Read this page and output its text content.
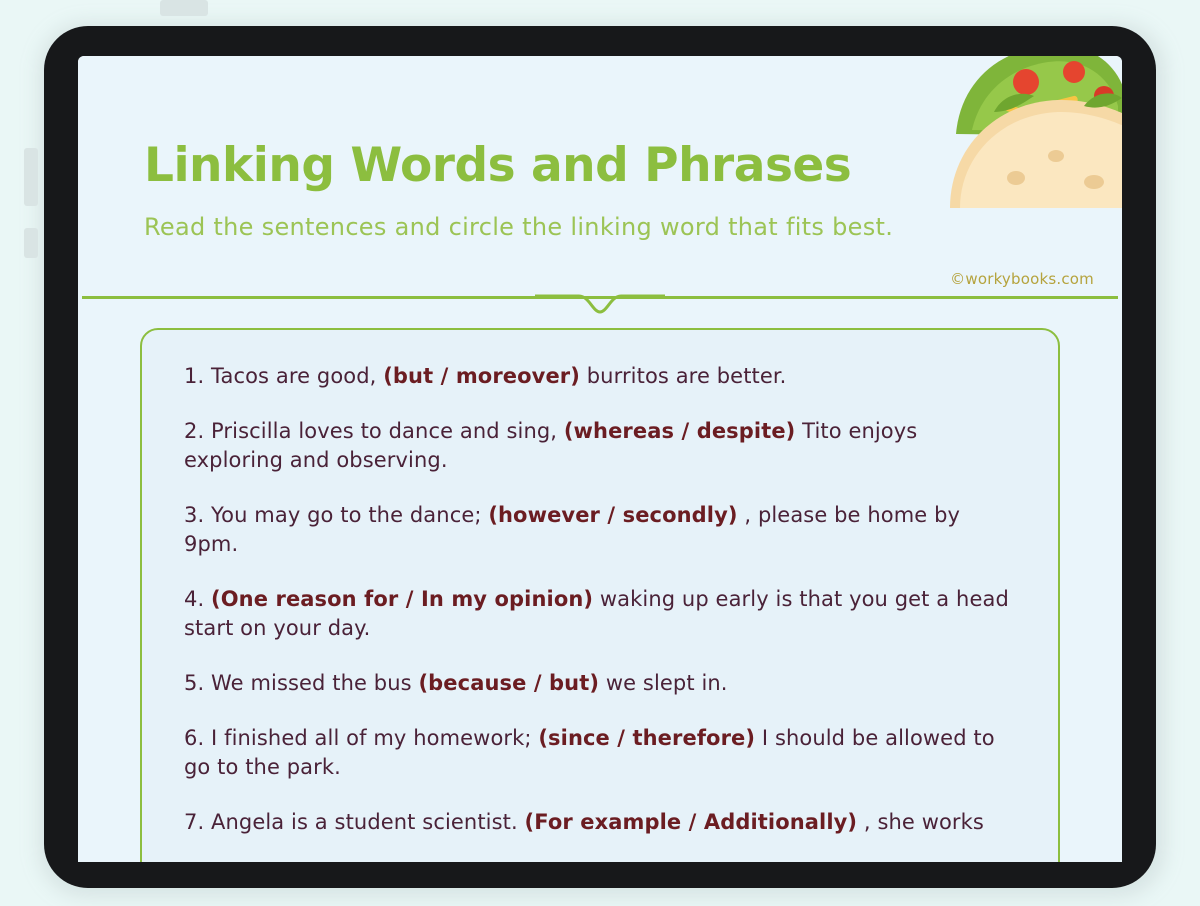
Linking Words and Phrases
Read the sentences and circle the linking word that fits best.
©workybooks.com
1. Tacos are good, (but / moreover) burritos are better.
2. Priscilla loves to dance and sing, (whereas / despite) Tito enjoys exploring and observing.
3. You may go to the dance; (however / secondly) , please be home by 9pm.
4. (One reason for / In my opinion) waking up early is that you get a head start on your day.
5. We missed the bus (because / but) we slept in.
6. I finished all of my homework; (since / therefore) I should be allowed to go to the park.
7. Angela is a student scientist. (For example / Additionally) , she works
